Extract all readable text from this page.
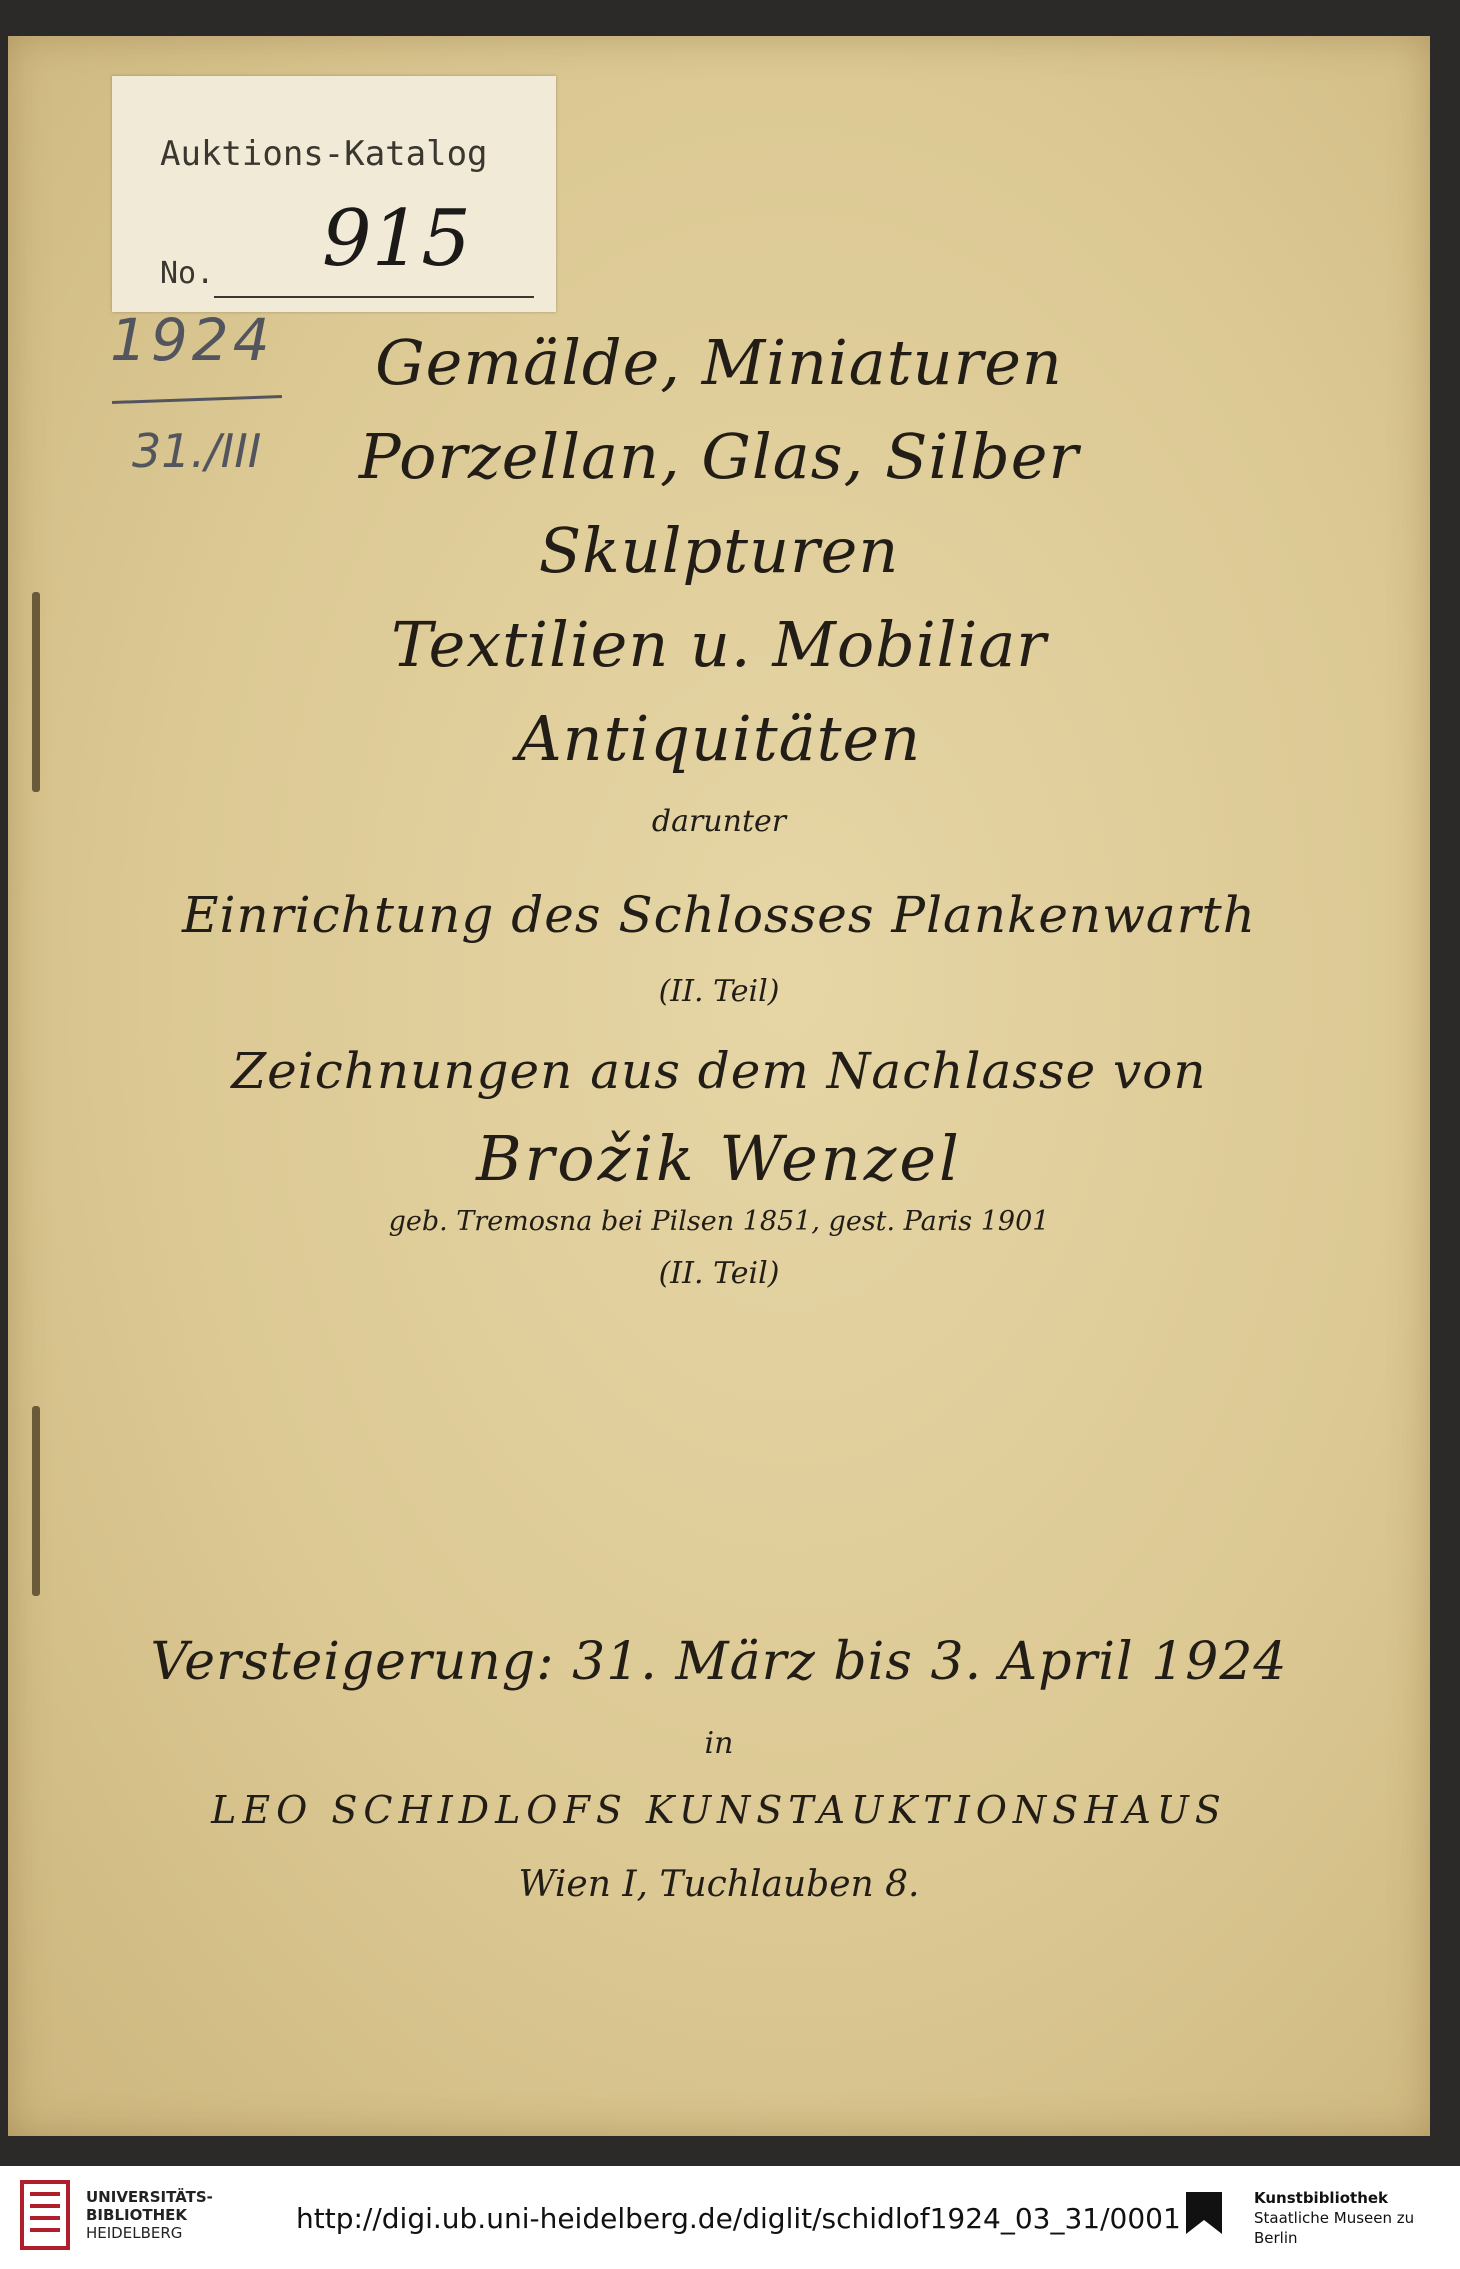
Auktions-Katalog
No. 915
1924
31./III
Gemälde, Miniaturen
Porzellan, Glas, Silber
Skulpturen
Textilien u. Mobiliar
Antiquitäten
darunter
Einrichtung des Schlosses Plankenwarth
(II. Teil)
Zeichnungen aus dem Nachlasse von
Brožik Wenzel
geb. Tremosna bei Pilsen 1851, gest. Paris 1901
(II. Teil)
Versteigerung: 31. März bis 3. April 1924
in
LEO SCHIDLOFS KUNSTAUKTIONSHAUS
Wien I, Tuchlauben 8.
UNIVERSITÄTS-
BIBLIOTHEK
HEIDELBERG	http://digi.ub.uni-heidelberg.de/diglit/schidlof1924_03_31/0001
Kunstbibliothek
Staatliche Museen zu Berlin
